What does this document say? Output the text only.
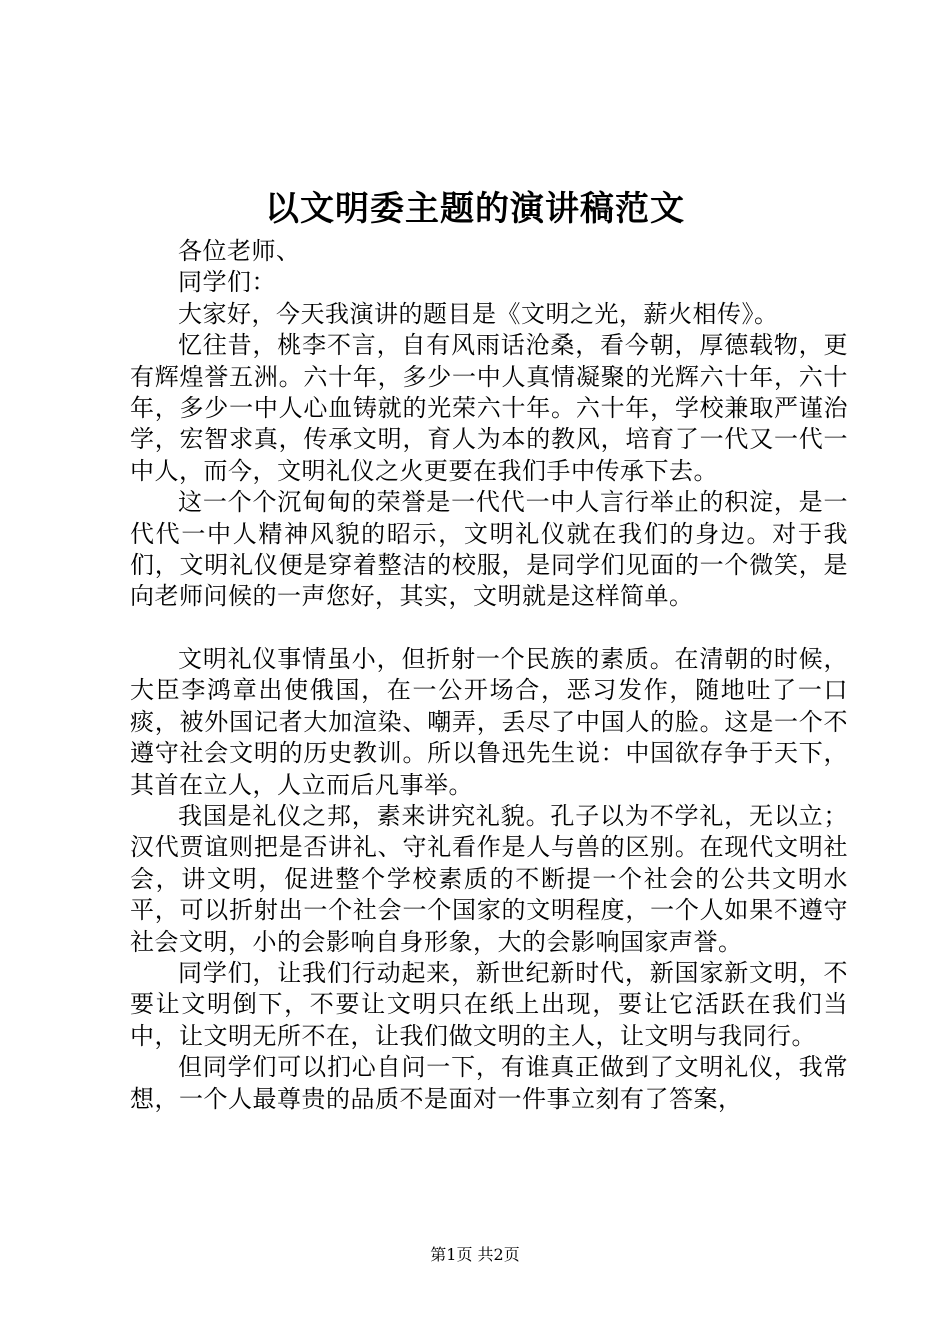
以文明委主题的演讲稿范文

各位老师、

同学们：

大家好，今天我演讲的题目是《文明之光，薪火相传》。

忆往昔，桃李不言，自有风雨话沧桑，看今朝，厚德载物，更有辉煌誉五洲。六十年，多少一中人真情凝聚的光辉六十年，六十年，多少一中人心血铸就的光荣六十年。六十年，学校兼取严谨治学，宏智求真，传承文明，育人为本的教风，培育了一代又一代一中人，而今，文明礼仪之火更要在我们手中传承下去。

这一个个沉甸甸的荣誉是一代代一中人言行举止的积淀，是一代代一中人精神风貌的昭示，文明礼仪就在我们的身边。对于我们，文明礼仪便是穿着整洁的校服，是同学们见面的一个微笑，是向老师问候的一声您好，其实，文明就是这样简单。

文明礼仪事情虽小，但折射一个民族的素质。在清朝的时候，大臣李鸿章出使俄国，在一公开场合，恶习发作，随地吐了一口痰，被外国记者大加渲染、嘲弄，丢尽了中国人的脸。这是一个不遵守社会文明的历史教训。所以鲁迅先生说：中国欲存争于天下，其首在立人，人立而后凡事举。

我国是礼仪之邦，素来讲究礼貌。孔子以为不学礼，无以立；汉代贾谊则把是否讲礼、守礼看作是人与兽的区别。在现代文明社会，讲文明，促进整个学校素质的不断提一个社会的公共文明水平，可以折射出一个社会一个国家的文明程度，一个人如果不遵守社会文明，小的会影响自身形象，大的会影响国家声誉。

同学们，让我们行动起来，新世纪新时代，新国家新文明，不要让文明倒下，不要让文明只在纸上出现，要让它活跃在我们当中，让文明无所不在，让我们做文明的主人，让文明与我同行。

但同学们可以扪心自问一下，有谁真正做到了文明礼仪，我常想，一个人最尊贵的品质不是面对一件事立刻有了答案，

第1页 共2页
